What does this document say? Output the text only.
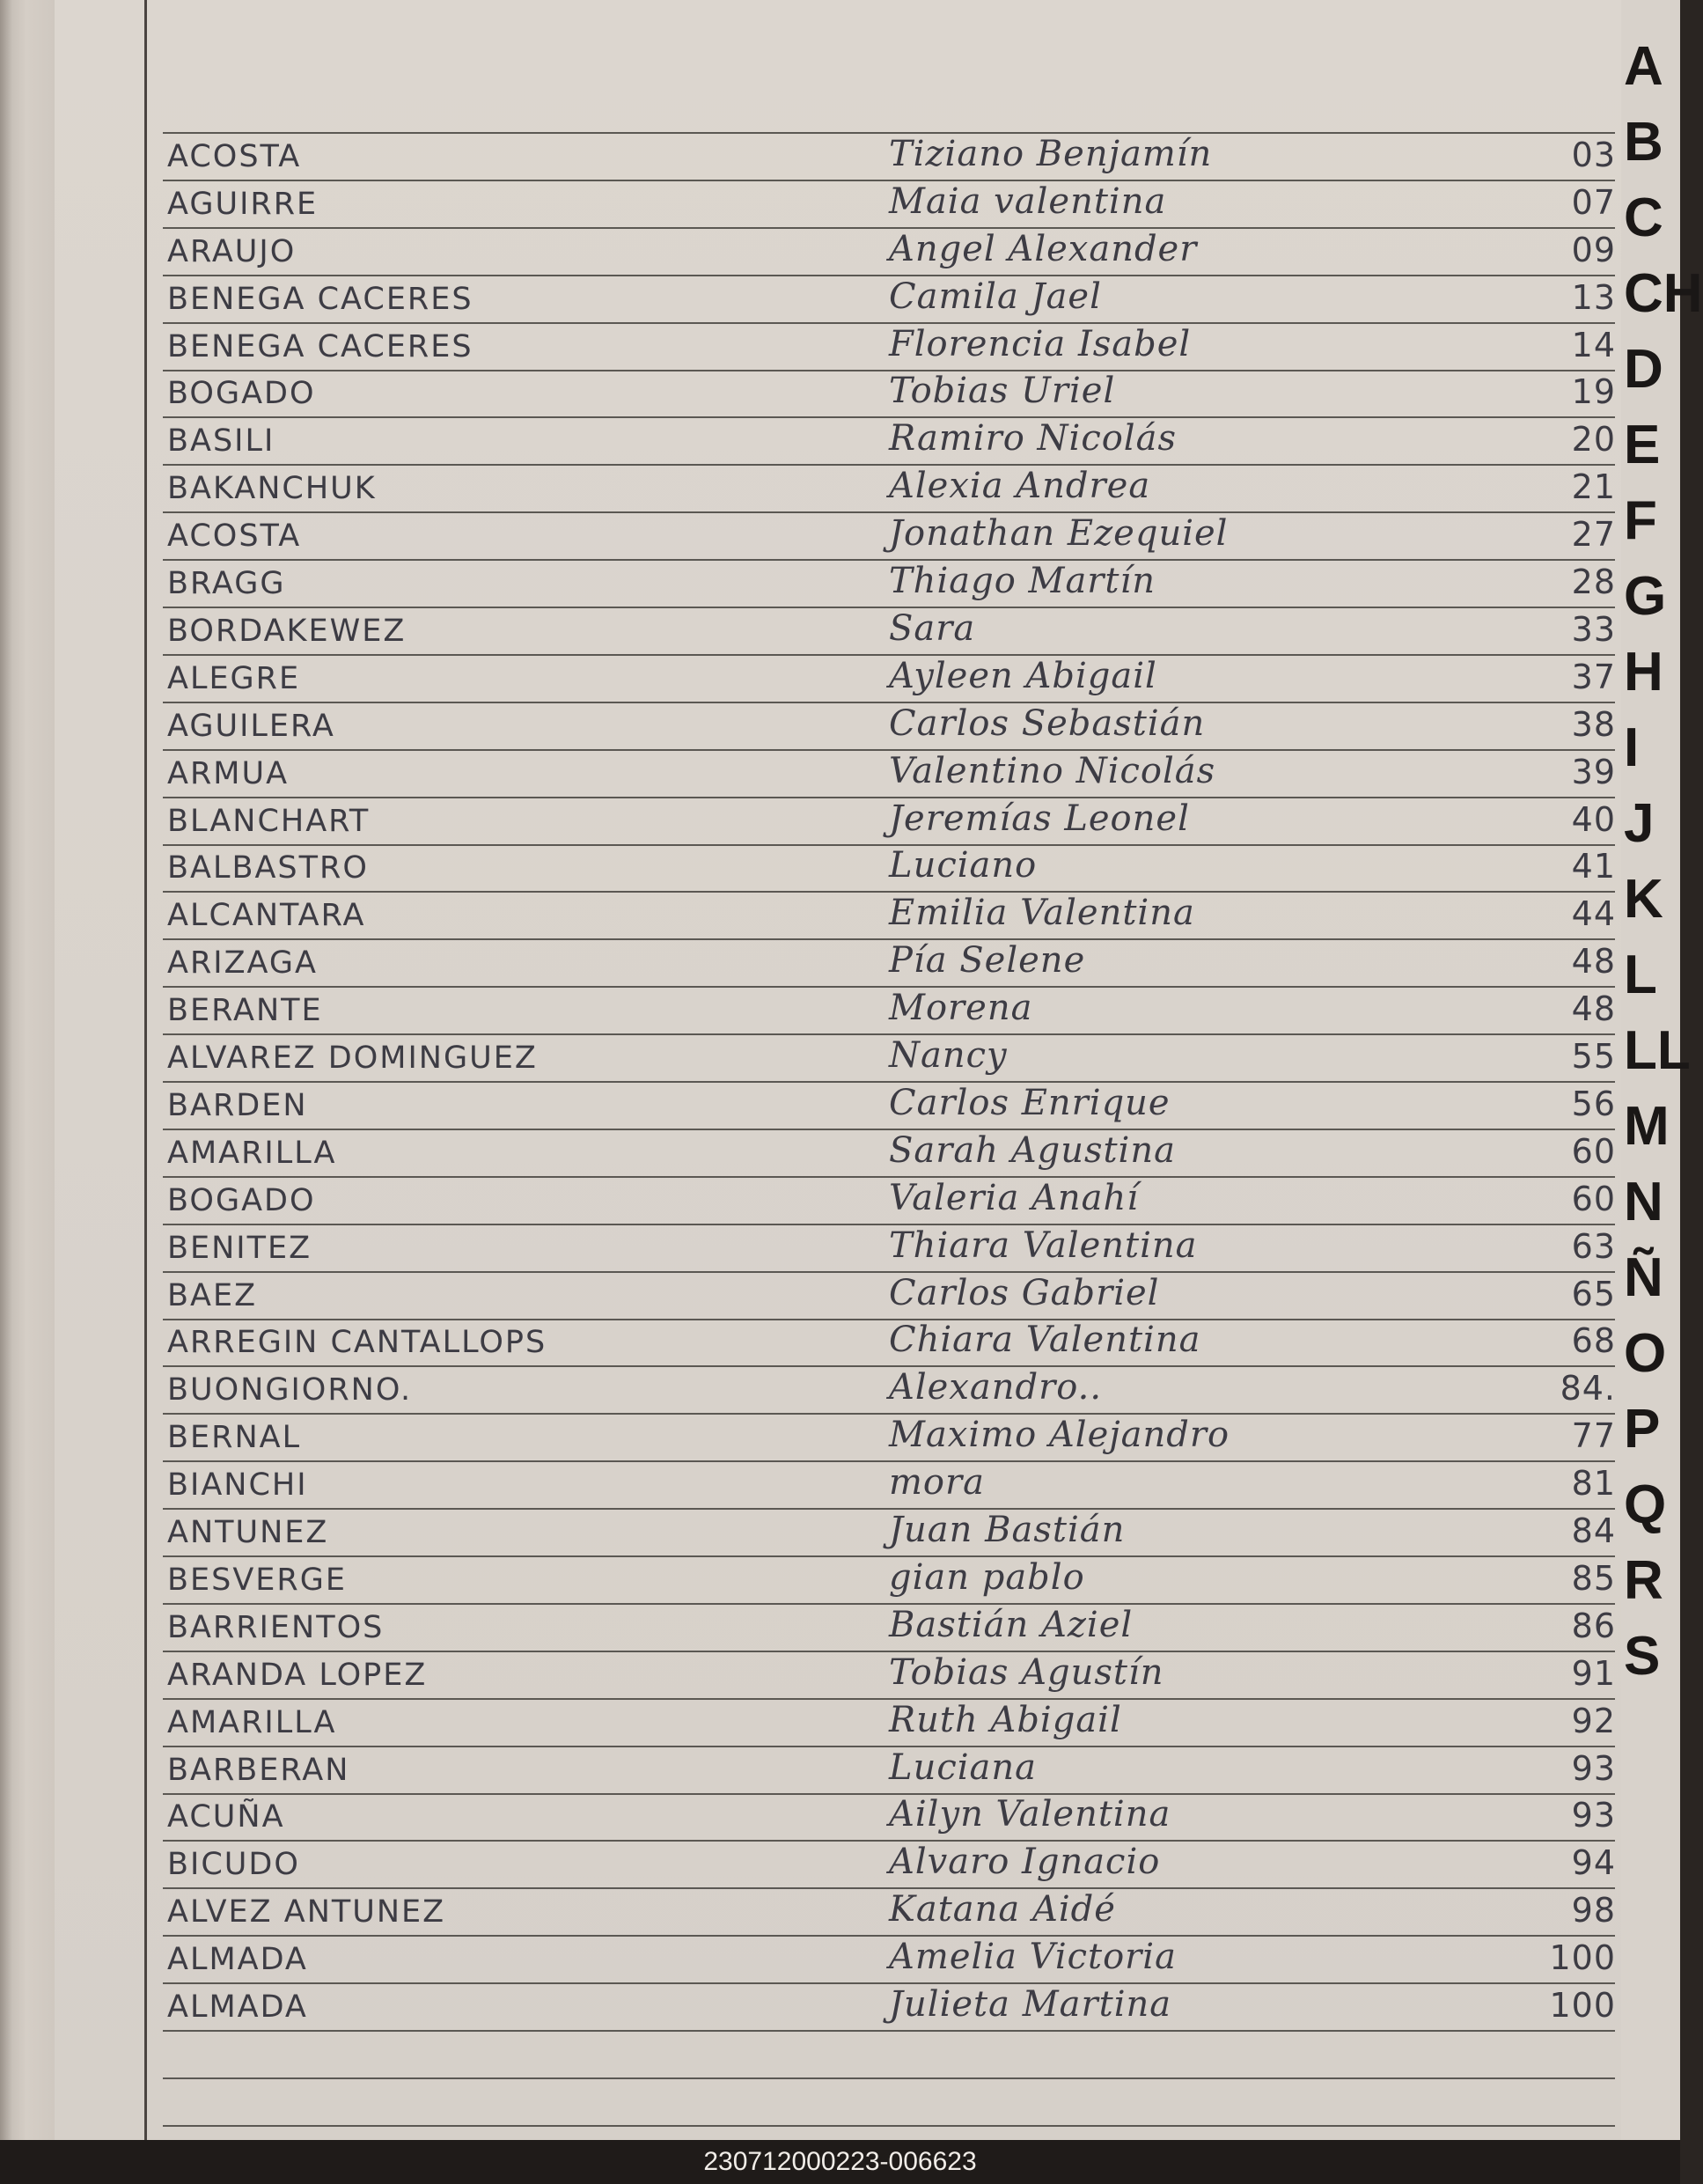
ACOSTA	Tiziano Benjamín	03
AGUIRRE	Maia valentina	07
ARAUJO	Angel Alexander	09
BENEGA CACERES	Camila Jael	13
BENEGA CACERES	Florencia Isabel	14
BOGADO	Tobias Uriel	19
BASILI	Ramiro Nicolás	20
BAKANCHUK	Alexia Andrea	21
ACOSTA	Jonathan Ezequiel	27
BRAGG	Thiago Martín	28
BORDAKEWEZ	Sara	33
ALEGRE	Ayleen Abigail	37
AGUILERA	Carlos Sebastián	38
ARMUA	Valentino Nicolás	39
BLANCHART	Jeremías Leonel	40
BALBASTRO	Luciano	41
ALCANTARA	Emilia Valentina	44
ARIZAGA	Pía Selene	48
BERANTE	Morena	48
ALVAREZ DOMINGUEZ	Nancy	55
BARDEN	Carlos Enrique	56
AMARILLA	Sarah Agustina	60
BOGADO	Valeria Anahí	60
BENITEZ	Thiara Valentina	63
BAEZ	Carlos Gabriel	65
ARREGIN CANTALLOPS	Chiara Valentina	68
BUONGIORNO.	Alexandro..	84.
BERNAL	Maximo Alejandro	77
BIANCHI	mora	81
ANTUNEZ	Juan Bastián	84
BESVERGE	gian pablo	85
BARRIENTOS	Bastián Aziel	86
ARANDA LOPEZ	Tobias Agustín	91
AMARILLA	Ruth Abigail	92
BARBERAN	Luciana	93
ACUÑA	Ailyn Valentina	93
BICUDO	Alvaro Ignacio	94
ALVEZ ANTUNEZ	Katana Aidé	98
ALMADA	Amelia Victoria	100
ALMADA	Julieta Martina	100
A
B
C
CH
D
E
F
G
H
I
J
K
L
LL
M
N
Ñ
O
P
Q
R
S
230712000223-006623
